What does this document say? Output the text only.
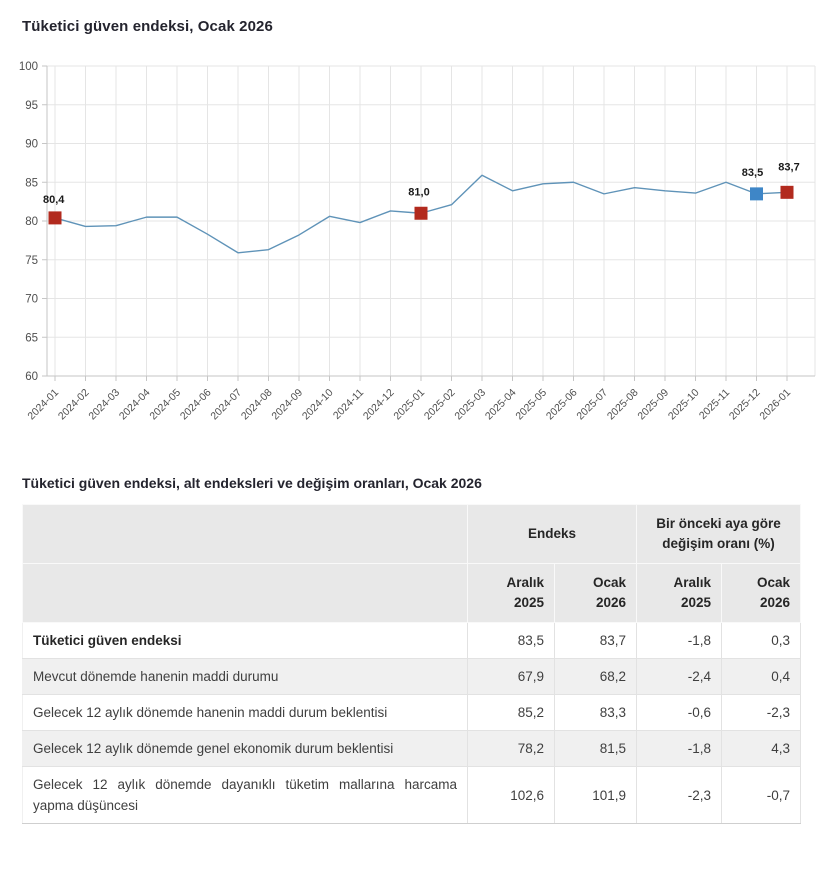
Tüketici güven endeksi, Ocak 2026
60
65
70
75
80
85
90
95
100
2024-01
2024-02
2024-03
2024-04
2024-05
2024-06
2024-07
2024-08
2024-09
2024-10
2024-11
2024-12
2025-01
2025-02
2025-03
2025-04
2025-05
2025-06
2025-07
2025-08
2025-09
2025-10
2025-11
2025-12
2026-01
80,4
81,0
83,5 83,7
Tüketici güven endeksi, alt endeksleri ve değişim oranları, Ocak 2026
	Endeks		Bir önceki aya göre değişim oranı (%)	
	Aralık 2025	Ocak 2026	Aralık 2025	Ocak 2026
Tüketici güven endeksi	83,5	83,7	-1,8	0,3
Mevcut dönemde hanenin maddi durumu	67,9	68,2	-2,4	0,4
Gelecek 12 aylık dönemde hanenin maddi durum beklentisi	85,2	83,3	-0,6	-2,3
Gelecek 12 aylık dönemde genel ekonomik durum beklentisi	78,2	81,5	-1,8	4,3
Gelecek 12 aylık dönemde dayanıklı tüketim mallarına harcama yapma düşüncesi	102,6	101,9	-2,3	-0,7
